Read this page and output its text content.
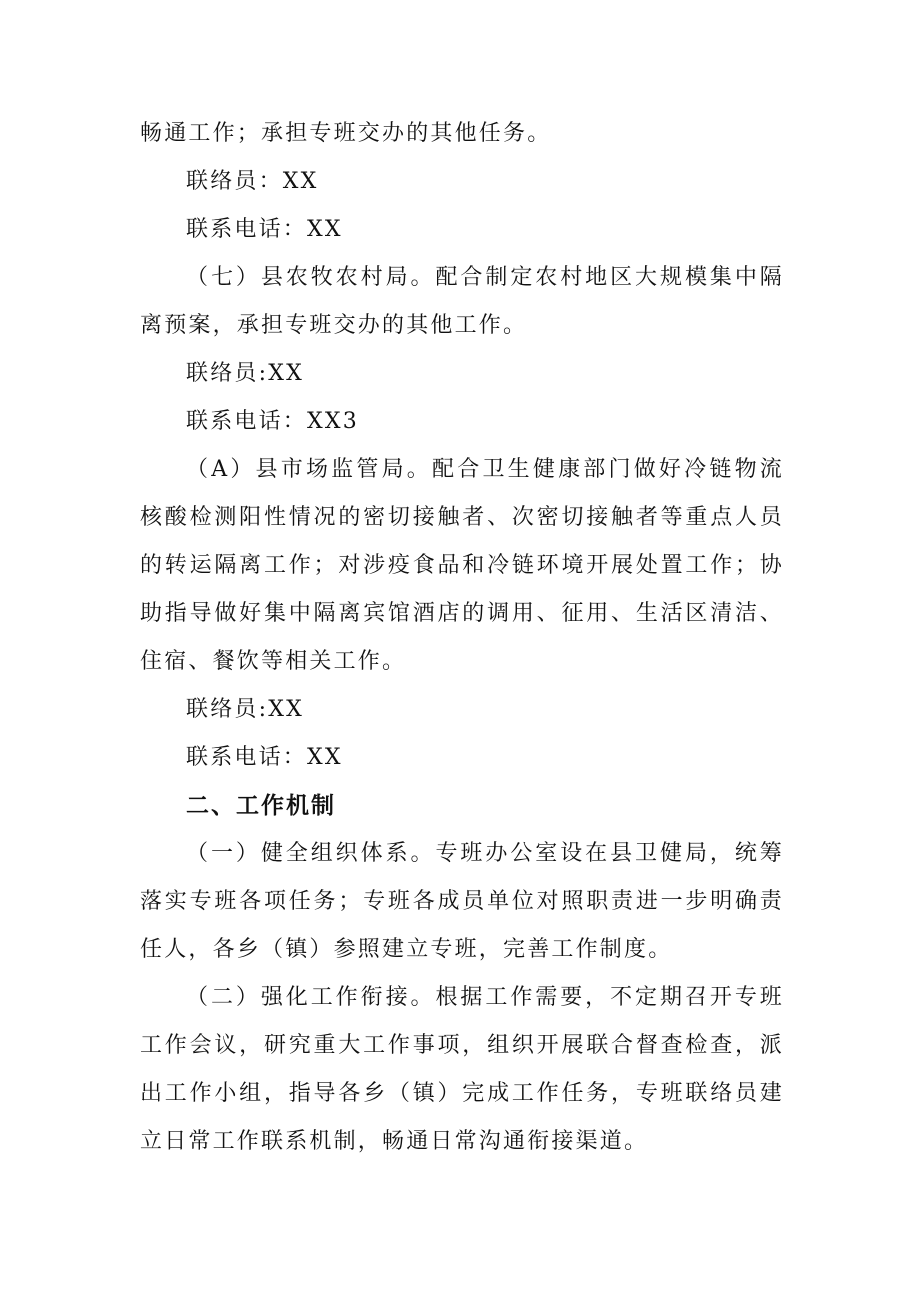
畅通工作；承担专班交办的其他任务。

联络员：XX

联系电话：XX

（七）县农牧农村局。配合制定农村地区大规模集中隔离预案，承担专班交办的其他工作。

联络员:XX

联系电话：XX3

（A）县市场监管局。配合卫生健康部门做好冷链物流核酸检测阳性情况的密切接触者、次密切接触者等重点人员的转运隔离工作；对涉疫食品和冷链环境开展处置工作；协助指导做好集中隔离宾馆酒店的调用、征用、生活区清洁、住宿、餐饮等相关工作。

联络员:XX

联系电话：XX

二、工作机制

（一）健全组织体系。专班办公室设在县卫健局，统筹落实专班各项任务；专班各成员单位对照职责进一步明确责任人，各乡（镇）参照建立专班，完善工作制度。

（二）强化工作衔接。根据工作需要，不定期召开专班工作会议，研究重大工作事项，组织开展联合督查检查，派出工作小组，指导各乡（镇）完成工作任务，专班联络员建立日常工作联系机制，畅通日常沟通衔接渠道。
